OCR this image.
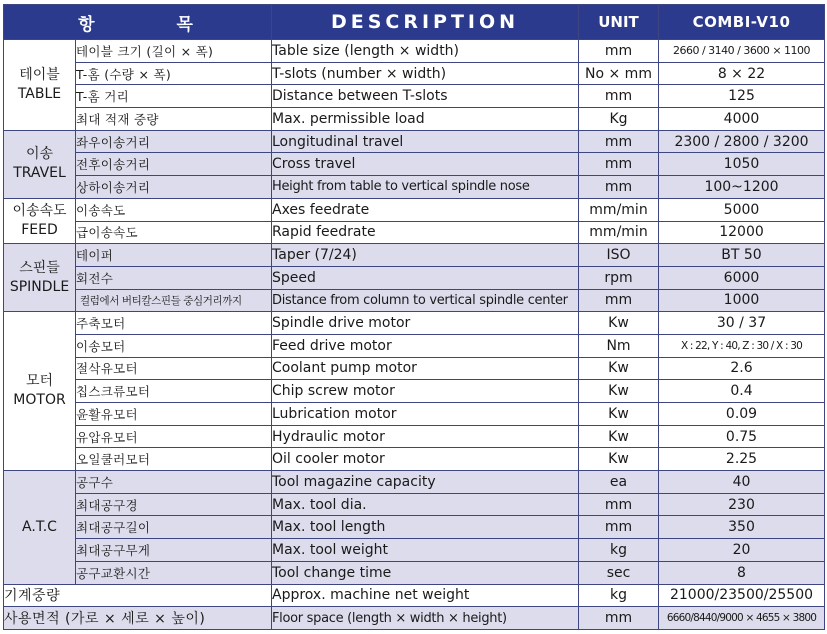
항 목		DESCRIPTION	UNIT	COMBI-V10

테이블
TABLE	테이블 크기 (길이 × 폭)	Table size (length × width)	mm	2660 / 3140 / 3600 × 1100
	T-홈 (수량 × 폭)	T-slots (number × width)	No × mm	8 × 22
	T-홈 거리	Distance between T-slots	mm	125
	최대 적재 중량	Max. permissible load	Kg	4000

이송
TRAVEL	좌우이송거리	Longitudinal travel	mm	2300 / 2800 / 3200
	전후이송거리	Cross travel	mm	1050
	상하이송거리	Height from table to vertical spindle nose	mm	100~1200

이송속도
FEED	이송속도	Axes feedrate	mm/min	5000
	급이송속도	Rapid feedrate	mm/min	12000

스핀들
SPINDLE	테이퍼	Taper (7/24)	ISO	BT 50
	회전수	Speed	rpm	6000
	컬럼에서 버티칼스핀들 중심거리까지	Distance from column to vertical spindle center	mm	1000

모터
MOTOR	주축모터	Spindle drive motor	Kw	30 / 37
	이송모터	Feed drive motor	Nm	X : 22, Y : 40, Z : 30 / X : 30
	절삭유모터	Coolant pump motor	Kw	2.6
	칩스크류모터	Chip screw motor	Kw	0.4
	윤활유모터	Lubrication motor	Kw	0.09
	유압유모터	Hydraulic motor	Kw	0.75
	오일쿨러모터	Oil cooler motor	Kw	2.25

A.T.C	공구수	Tool magazine capacity	ea	40
	최대공구경	Max. tool dia.	mm	230
	최대공구길이	Max. tool length	mm	350
	최대공구무게	Max. tool weight	kg	20
	공구교환시간	Tool change time	sec	8
기계중량		Approx. machine net weight	kg	21000/23500/25500
사용면적 (가로 × 세로 × 높이)		Floor space (length × width × height)	mm	6660/8440/9000 × 4655 × 3800
